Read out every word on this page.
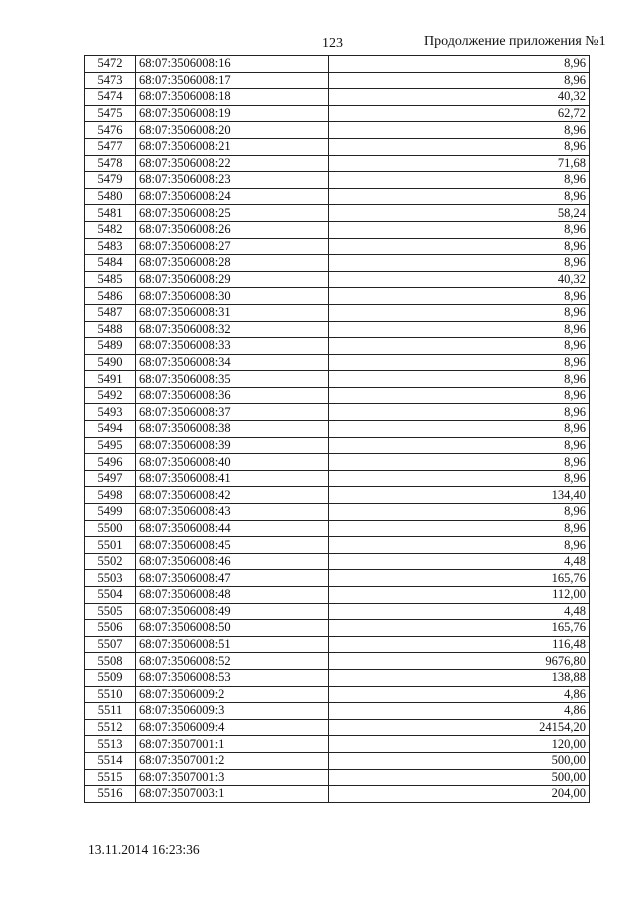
123	Продолжение приложения №1
5472	68:07:3506008:16	8,96
5473	68:07:3506008:17	8,96
5474	68:07:3506008:18	40,32
5475	68:07:3506008:19	62,72
5476	68:07:3506008:20	8,96
5477	68:07:3506008:21	8,96
5478	68:07:3506008:22	71,68
5479	68:07:3506008:23	8,96
5480	68:07:3506008:24	8,96
5481	68:07:3506008:25	58,24
5482	68:07:3506008:26	8,96
5483	68:07:3506008:27	8,96
5484	68:07:3506008:28	8,96
5485	68:07:3506008:29	40,32
5486	68:07:3506008:30	8,96
5487	68:07:3506008:31	8,96
5488	68:07:3506008:32	8,96
5489	68:07:3506008:33	8,96
5490	68:07:3506008:34	8,96
5491	68:07:3506008:35	8,96
5492	68:07:3506008:36	8,96
5493	68:07:3506008:37	8,96
5494	68:07:3506008:38	8,96
5495	68:07:3506008:39	8,96
5496	68:07:3506008:40	8,96
5497	68:07:3506008:41	8,96
5498	68:07:3506008:42	134,40
5499	68:07:3506008:43	8,96
5500	68:07:3506008:44	8,96
5501	68:07:3506008:45	8,96
5502	68:07:3506008:46	4,48
5503	68:07:3506008:47	165,76
5504	68:07:3506008:48	112,00
5505	68:07:3506008:49	4,48
5506	68:07:3506008:50	165,76
5507	68:07:3506008:51	116,48
5508	68:07:3506008:52	9676,80
5509	68:07:3506008:53	138,88
5510	68:07:3506009:2	4,86
5511	68:07:3506009:3	4,86
5512	68:07:3506009:4	24154,20
5513	68:07:3507001:1	120,00
5514	68:07:3507001:2	500,00
5515	68:07:3507001:3	500,00
5516	68:07:3507003:1	204,00
13.11.2014 16:23:36
